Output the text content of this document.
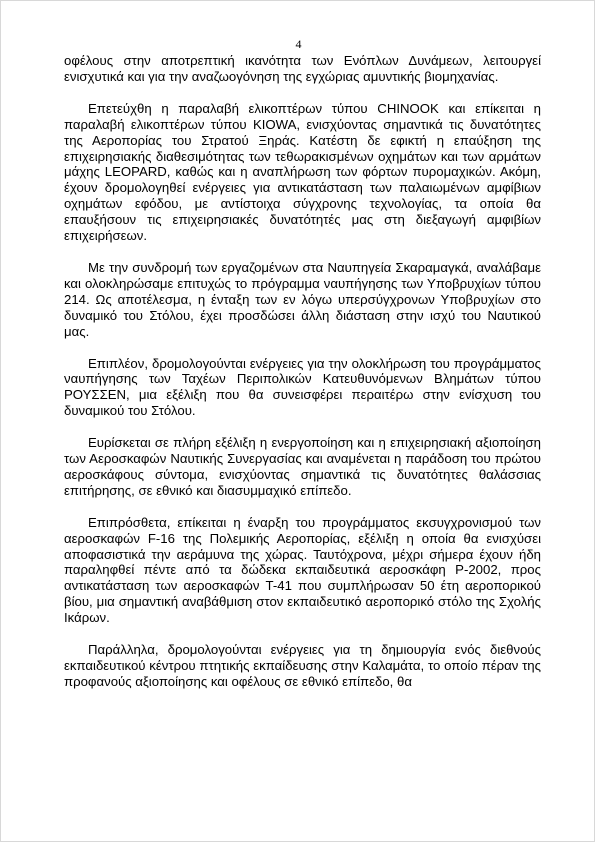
4

οφέλους στην αποτρεπτική ικανότητα των Ενόπλων Δυνάμεων, λειτουργεί ενισχυτικά και για την αναζωογόνηση της εγχώριας αμυντικής βιομηχανίας.

Επετεύχθη η παραλαβή ελικοπτέρων τύπου CHINOOK και επίκειται η παραλαβή ελικοπτέρων τύπου KIOWA, ενισχύοντας σημαντικά τις δυνατότητες της Αεροπορίας του Στρατού Ξηράς. Κατέστη δε εφικτή η επαύξηση της επιχειρησιακής διαθεσιμότητας των τεθωρακισμένων οχημάτων και των αρμάτων μάχης LEOPARD, καθώς και η αναπλήρωση των φόρτων πυρομαχικών. Ακόμη, έχουν δρομολογηθεί ενέργειες για αντικατάσταση των παλαιωμένων αμφίβιων οχημάτων εφόδου, με αντίστοιχα σύγχρονης τεχνολογίας, τα οποία θα επαυξήσουν τις επιχειρησιακές δυνατότητές μας στη διεξαγωγή αμφιβίων επιχειρήσεων.

Με την συνδρομή των εργαζομένων στα Ναυπηγεία Σκαραμαγκά, αναλάβαμε και ολοκληρώσαμε επιτυχώς το πρόγραμμα ναυπήγησης των Υποβρυχίων τύπου 214. Ως αποτέλεσμα, η ένταξη των εν λόγω υπερσύγχρονων Υποβρυχίων στο δυναμικό του Στόλου, έχει προσδώσει άλλη διάσταση στην ισχύ του Ναυτικού μας.

Επιπλέον, δρομολογούνται ενέργειες για την ολοκλήρωση του προγράμματος ναυπήγησης των Ταχέων Περιπολικών Κατευθυνόμενων Βλημάτων τύπου ΡΟΥΣΣΕΝ, μια εξέλιξη που θα συνεισφέρει περαιτέρω στην ενίσχυση του δυναμικού του Στόλου.

Ευρίσκεται σε πλήρη εξέλιξη η ενεργοποίηση και η επιχειρησιακή αξιοποίηση των Αεροσκαφών Ναυτικής Συνεργασίας και αναμένεται η παράδοση του πρώτου αεροσκάφους σύντομα, ενισχύοντας σημαντικά τις δυνατότητες θαλάσσιας επιτήρησης, σε εθνικό και διασυμμαχικό επίπεδο.

Επιπρόσθετα, επίκειται η έναρξη του προγράμματος εκσυγχρονισμού των αεροσκαφών F-16 της Πολεμικής Αεροπορίας, εξέλιξη η οποία θα ενισχύσει αποφασιστικά την αεράμυνα της χώρας. Ταυτόχρονα, μέχρι σήμερα έχουν ήδη παραληφθεί πέντε από τα δώδεκα εκπαιδευτικά αεροσκάφη P-2002, προς αντικατάσταση των αεροσκαφών T-41 που συμπλήρωσαν 50 έτη αεροπορικού βίου, μια σημαντική αναβάθμιση στον εκπαιδευτικό αεροπορικό στόλο της Σχολής Ικάρων.

Παράλληλα, δρομολογούνται ενέργειες για τη δημιουργία ενός διεθνούς εκπαιδευτικού κέντρου πτητικής εκπαίδευσης στην Καλαμάτα, το οποίο πέραν της προφανούς αξιοποίησης και οφέλους σε εθνικό επίπεδο, θα
